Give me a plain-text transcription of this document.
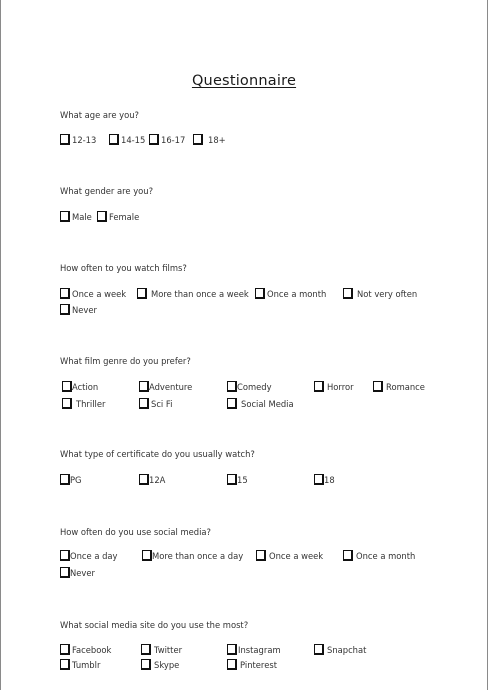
Questionnaire
What age are you?
12-13	14-15 16-17	18+
What gender are you?
Male Female
How often to you watch films?
Once a week	More than once a week Once a month	Not very often
Never
What film genre do you prefer?
Action	Adventure	Comedy	Horror	Romance
Thriller	Sci Fi	Social Media
What type of certificate do you usually watch?
PG	12A	15	18
How often do you use social media?
Once a day	More than once a day	Once a week	Once a month
Never
What social media site do you use the most?
Facebook	Twitter	Instagram	Snapchat
Tumblr	Skype	Pinterest
